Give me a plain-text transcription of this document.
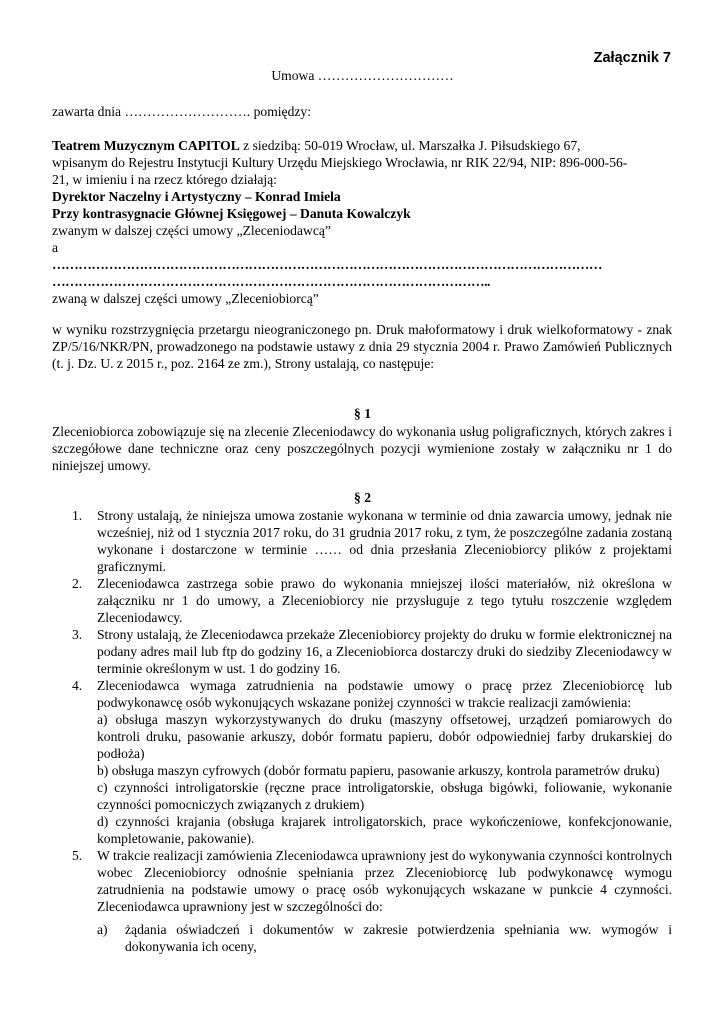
Załącznik 7
Umowa …………………………
zawarta dnia ………………………. pomiędzy:
Teatrem Muzycznym CAPITOL z siedzibą: 50-019 Wrocław, ul. Marszałka J. Piłsudskiego 67,
wpisanym do Rejestru Instytucji Kultury Urzędu Miejskiego Wrocławia, nr RIK 22/94, NIP: 896-000-56-
21, w imieniu i na rzecz którego działają:
Dyrektor Naczelny i Artystyczny – Konrad Imiela
Przy kontrasygnacie Głównej Księgowej – Danuta Kowalczyk
zwanym w dalszej części umowy „Zleceniodawcą”
a
………………………………………………………………………………………………………………
………………………………………………………………………………………..
zwaną w dalszej części umowy „Zleceniobiorcą”
w wyniku rozstrzygnięcia przetargu nieograniczonego pn. Druk małoformatowy i druk wielkoformatowy - znak ZP/5/16/NKR/PN, prowadzonego na podstawie ustawy z dnia 29 stycznia 2004 r. Prawo Zamówień Publicznych (t. j. Dz. U. z 2015 r., poz. 2164 ze zm.), Strony ustalają, co następuje:
§ 1
Zleceniobiorca zobowiązuje się na zlecenie Zleceniodawcy do wykonania usług poligraficznych, których zakres i szczegółowe dane techniczne oraz ceny poszczególnych pozycji wymienione zostały w załączniku nr 1 do niniejszej umowy.
§ 2
1. Strony ustalają, że niniejsza umowa zostanie wykonana w terminie od dnia zawarcia umowy, jednak nie wcześniej, niż od 1 stycznia 2017 roku, do 31 grudnia 2017 roku, z tym, że poszczególne zadania zostaną wykonane i dostarczone w terminie …… od dnia przesłania Zleceniobiorcy plików z projektami graficznymi.
2. Zleceniodawca zastrzega sobie prawo do wykonania mniejszej ilości materiałów, niż określona w załączniku nr 1 do umowy, a Zleceniobiorcy nie przysługuje z tego tytułu roszczenie względem Zleceniodawcy.
3. Strony ustalają, że Zleceniodawca przekaże Zleceniobiorcy projekty do druku w formie elektronicznej na podany adres mail lub ftp do godziny 16, a Zleceniobiorca dostarczy druki do siedziby Zleceniodawcy w terminie określonym w ust. 1 do godziny 16.
4. Zleceniodawca wymaga zatrudnienia na podstawie umowy o pracę przez Zleceniobiorcę lub podwykonawcę osób wykonujących wskazane poniżej czynności w trakcie realizacji zamówienia:
a) obsługa maszyn wykorzystywanych do druku (maszyny offsetowej, urządzeń pomiarowych do kontroli druku, pasowanie arkuszy, dobór formatu papieru, dobór odpowiedniej farby drukarskiej do podłoża)
b) obsługa maszyn cyfrowych (dobór formatu papieru, pasowanie arkuszy, kontrola parametrów druku)
c) czynności introligatorskie (ręczne prace introligatorskie, obsługa bigówki, foliowanie, wykonanie czynności pomocniczych związanych z drukiem)
d) czynności krajania (obsługa krajarek introligatorskich, prace wykończeniowe, konfekcjonowanie, kompletowanie, pakowanie).
5. W trakcie realizacji zamówienia Zleceniodawca uprawniony jest do wykonywania czynności kontrolnych wobec Zleceniobiorcy odnośnie spełniania przez Zleceniobiorcę lub podwykonawcę wymogu zatrudnienia na podstawie umowy o pracę osób wykonujących wskazane w punkcie 4 czynności. Zleceniodawca uprawniony jest w szczególności do:
a) żądania oświadczeń i dokumentów w zakresie potwierdzenia spełniania ww. wymogów i dokonywania ich oceny,
